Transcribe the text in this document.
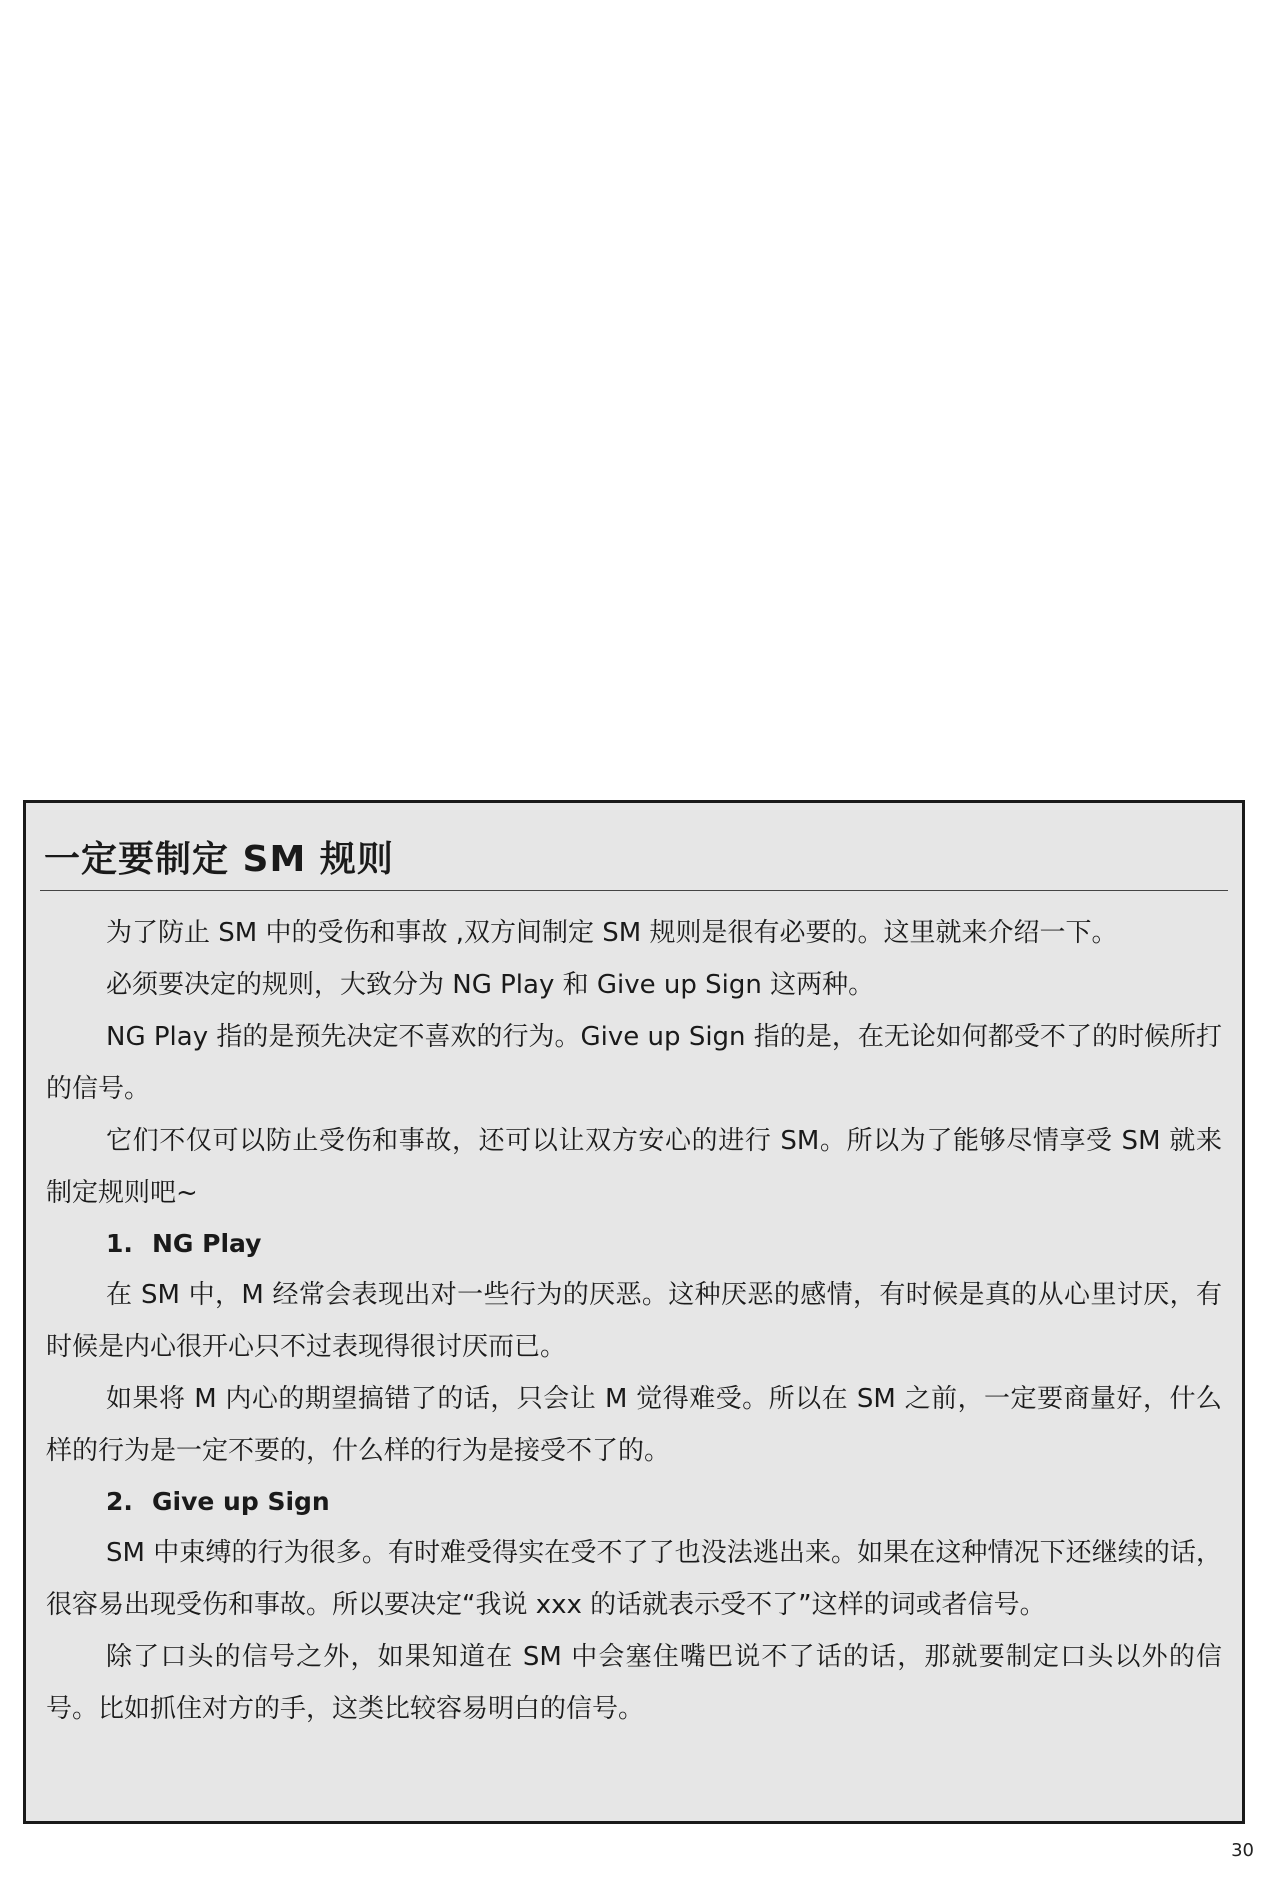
一定要制定 SM 规则

为了防止 SM 中的受伤和事故 ,双方间制定 SM 规则是很有必要的。这里就来介绍一下。

必须要决定的规则，大致分为 NG Play 和 Give up Sign 这两种。

NG Play 指的是预先决定不喜欢的行为。Give up Sign 指的是，在无论如何都受不了的时候所打的信号。

它们不仅可以防止受伤和事故，还可以让双方安心的进行 SM。所以为了能够尽情享受 SM 就来制定规则吧~

1. NG Play

在 SM 中，M 经常会表现出对一些行为的厌恶。这种厌恶的感情，有时候是真的从心里讨厌，有时候是内心很开心只不过表现得很讨厌而已。

如果将 M 内心的期望搞错了的话，只会让 M 觉得难受。所以在 SM 之前，一定要商量好，什么样的行为是一定不要的，什么样的行为是接受不了的。

2. Give up Sign

SM 中束缚的行为很多。有时难受得实在受不了了也没法逃出来。如果在这种情况下还继续的话，很容易出现受伤和事故。所以要决定“我说 xxx 的话就表示受不了”这样的词或者信号。

除了口头的信号之外，如果知道在 SM 中会塞住嘴巴说不了话的话，那就要制定口头以外的信号。比如抓住对方的手，这类比较容易明白的信号。

30
